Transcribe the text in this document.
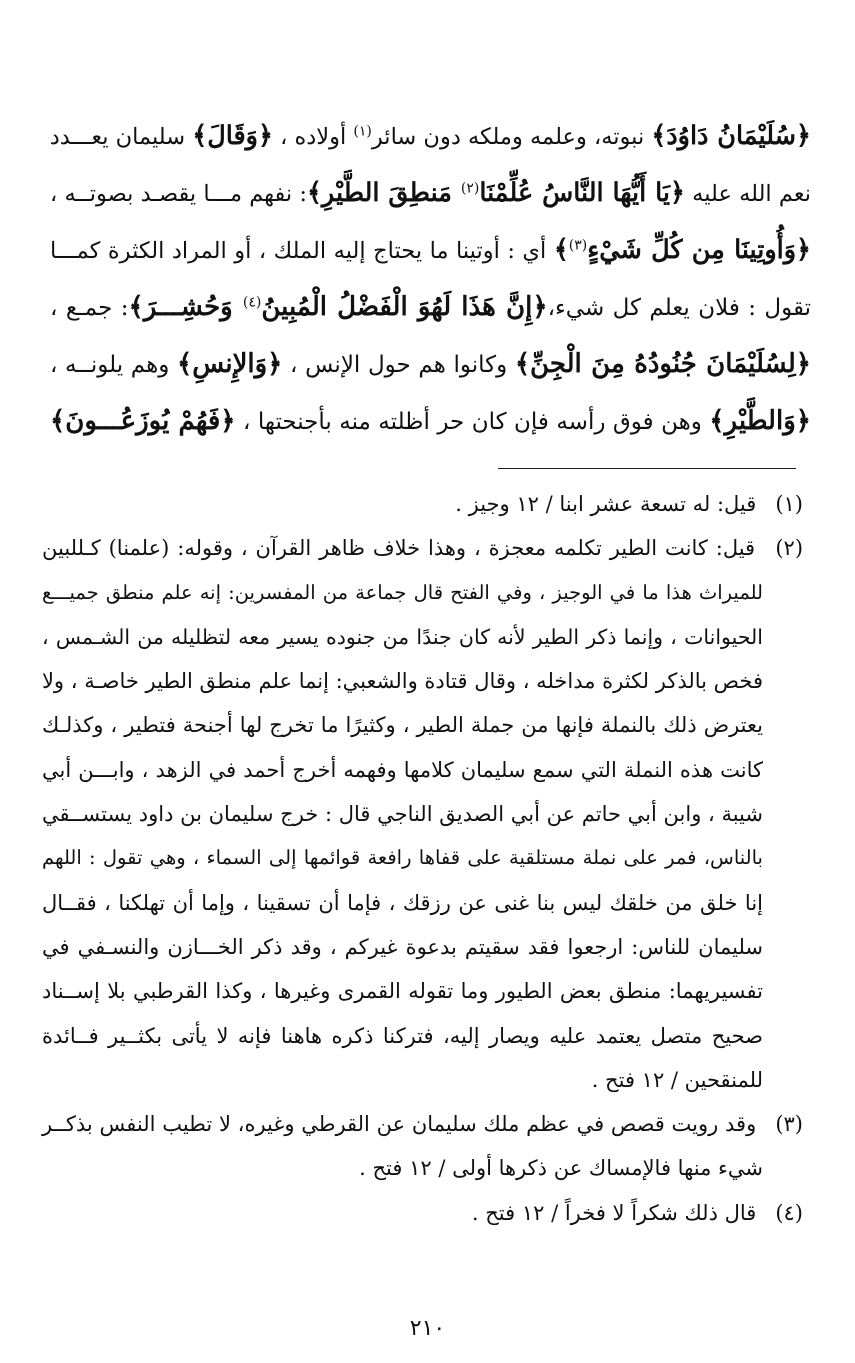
﴿سُلَيْمَانُ دَاوُدَ﴾ نبوته، وعلمه وملكه دون سائر$^{(١)}$ أولاده ، ﴿وَقَالَ﴾ سليمان يعـــدد
نعم الله عليه ﴿يَا أَيُّهَا النَّاسُ عُلِّمْنَا$^{(٢)}$ مَنطِقَ الطَّيْرِ﴾: نفهم مـــا يقصـد بصوتــه ،
﴿وَأُوتِينَا مِن كُلِّ شَيْءٍ$^{(٣)}$﴾ أي : أوتينا ما يحتاج إليه الملك ، أو المراد الكثرة كمـــا
تقول : فلان يعلم كل شيء،﴿إِنَّ هَذَا لَهُوَ الْفَضْلُ الْمُبِينُ$^{(٤)}$ وَحُشِـــرَ﴾: جمـع ،
﴿لِسُلَيْمَانَ جُنُودُهُ مِنَ الْجِنِّ﴾ وكانوا هم حول الإنس ، ﴿وَالإِنسِ﴾ وهم يلونــه ،
﴿وَالطَّيْرِ﴾ وهن فوق رأسه فإن كان حر أظلته منه بأجنحتها ، ﴿فَهُمْ يُوزَعُـــونَ﴾
(١) قيل: له تسعة عشر ابنا / ١٢ وجيز .
(٢) قيل: كانت الطير تكلمه معجزة ، وهذا خلاف ظاهر القرآن ، وقوله: (علمنا) كـللبين
للميراث هذا ما في الوجيز ، وفي الفتح قال جماعة من المفسرين: إنه علم منطق جميـــع
الحيوانات ، وإنما ذكر الطير لأنه كان جندًا من جنوده يسير معه لتظليله من الشـمس ،
فخص بالذكر لكثرة مداخله ، وقال قتادة والشعبي: إنما علم منطق الطير خاصـة ، ولا
يعترض ذلك بالنملة فإنها من جملة الطير ، وكثيرًا ما تخرج لها أجنحة فتطير ، وكذلـك
كانت هذه النملة التي سمع سليمان كلامها وفهمه أخرج أحمد في الزهد ، وابـــن أبي
شيبة ، وابن أبي حاتم عن أبي الصديق الناجي قال : خرج سليمان بن داود يستســقي
بالناس، فمر على نملة مستلقية على قفاها رافعة قوائمها إلى السماء ، وهي تقول : اللهم
إنا خلق من خلقك ليس بنا غنى عن رزقك ، فإما أن تسقينا ، وإما أن تهلكنا ، فقــال
سليمان للناس: ارجعوا فقد سقيتم بدعوة غيركم ، وقد ذكر الخـــازن والنسـفي في
تفسيريهما: منطق بعض الطيور وما تقوله القمرى وغيرها ، وكذا القرطبي بلا إســناد
صحيح متصل يعتمد عليه ويصار إليه، فتركنا ذكره هاهنا فإنه لا يأتى بكثــير فــائدة
للمنقحين / ١٢ فتح .
(٣) وقد رويت قصص في عظم ملك سليمان عن القرطي وغيره، لا تطيب النفس بذكــر
شيء منها فالإمساك عن ذكرها أولى / ١٢ فتح .
(٤) قال ذلك شكراً لا فخراً / ١٢ فتح .
٢١٠
